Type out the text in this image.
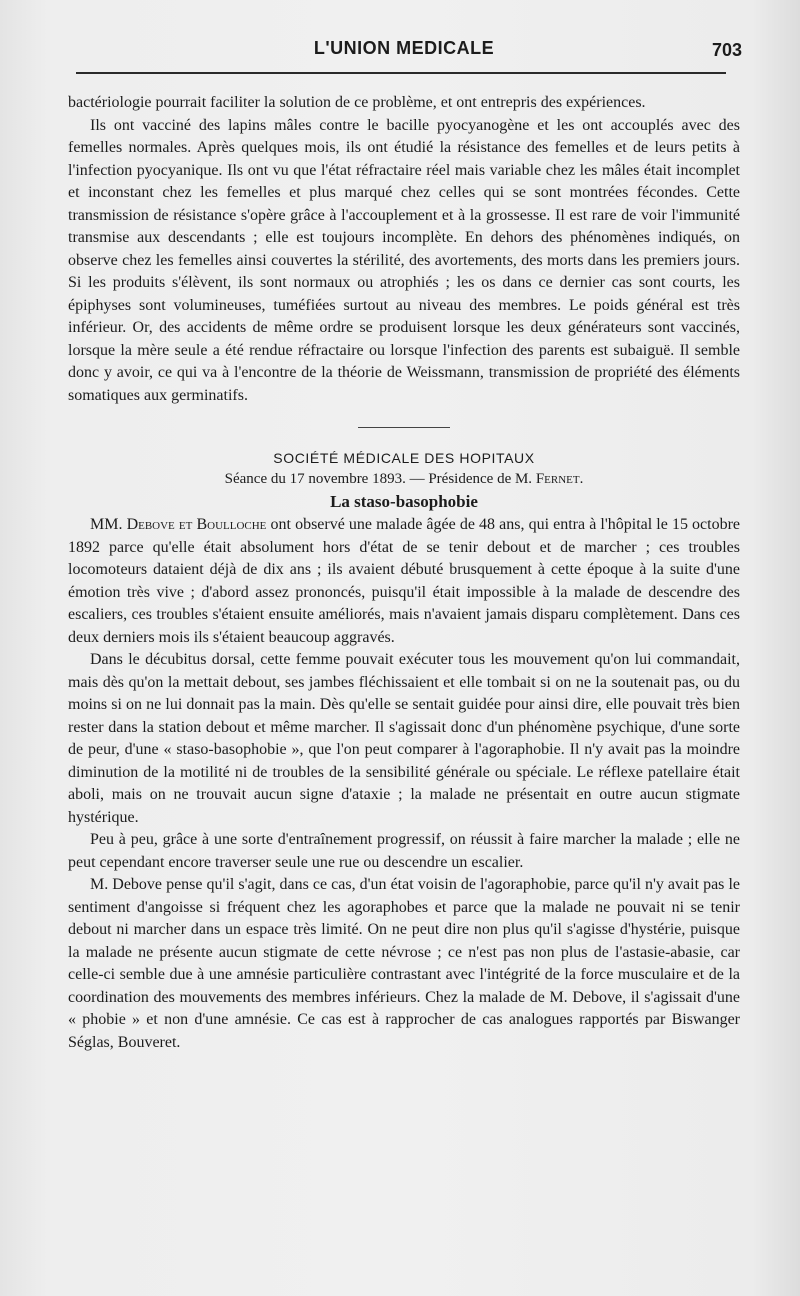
L'UNION MEDICALE	703

bactériologie pourrait faciliter la solution de ce problème, et ont entrepris des expériences.

Ils ont vacciné des lapins mâles contre le bacille pyocyanogène et les ont accouplés avec des femelles normales. Après quelques mois, ils ont étudié la résistance des femelles et de leurs petits à l'infection pyocyanique. Ils ont vu que l'état réfractaire réel mais variable chez les mâles était incomplet et inconstant chez les femelles et plus marqué chez celles qui se sont montrées fécondes. Cette transmission de résistance s'opère grâce à l'accouplement et à la grossesse. Il est rare de voir l'immunité transmise aux descendants ; elle est toujours incomplète. En dehors des phénomènes indiqués, on observe chez les femelles ainsi couvertes la stérilité, des avortements, des morts dans les premiers jours. Si les produits s'élèvent, ils sont normaux ou atrophiés ; les os dans ce dernier cas sont courts, les épiphyses sont volumineuses, tuméfiées surtout au niveau des membres. Le poids général est très inférieur. Or, des accidents de même ordre se produisent lorsque les deux générateurs sont vaccinés, lorsque la mère seule a été rendue réfractaire ou lorsque l'infection des parents est subaiguë. Il semble donc y avoir, ce qui va à l'encontre de la théorie de Weissmann, transmission de propriété des éléments somatiques aux germinatifs.

SOCIÉTÉ MÉDICALE DES HOPITAUX

Séance du 17 novembre 1893. — Présidence de M. Fernet.

La staso-basophobie

MM. Debove et Boulloche ont observé une malade âgée de 48 ans, qui entra à l'hôpital le 15 octobre 1892 parce qu'elle était absolument hors d'état de se tenir debout et de marcher ; ces troubles locomoteurs dataient déjà de dix ans ; ils avaient débuté brusquement à cette époque à la suite d'une émotion très vive ; d'abord assez prononcés, puisqu'il était impossible à la malade de descendre des escaliers, ces troubles s'étaient ensuite améliorés, mais n'avaient jamais disparu complètement. Dans ces deux derniers mois ils s'étaient beaucoup aggravés.

Dans le décubitus dorsal, cette femme pouvait exécuter tous les mouvement qu'on lui commandait, mais dès qu'on la mettait debout, ses jambes fléchissaient et elle tombait si on ne la soutenait pas, ou du moins si on ne lui donnait pas la main. Dès qu'elle se sentait guidée pour ainsi dire, elle pouvait très bien rester dans la station debout et même marcher. Il s'agissait donc d'un phénomène psychique, d'une sorte de peur, d'une « staso-basophobie », que l'on peut comparer à l'agoraphobie. Il n'y avait pas la moindre diminution de la motilité ni de troubles de la sensibilité générale ou spéciale. Le réflexe patellaire était aboli, mais on ne trouvait aucun signe d'ataxie ; la malade ne présentait en outre aucun stigmate hystérique.

Peu à peu, grâce à une sorte d'entraînement progressif, on réussit à faire marcher la malade ; elle ne peut cependant encore traverser seule une rue ou descendre un escalier.

M. Debove pense qu'il s'agit, dans ce cas, d'un état voisin de l'agoraphobie, parce qu'il n'y avait pas le sentiment d'angoisse si fréquent chez les agoraphobes et parce que la malade ne pouvait ni se tenir debout ni marcher dans un espace très limité. On ne peut dire non plus qu'il s'agisse d'hystérie, puisque la malade ne présente aucun stigmate de cette névrose ; ce n'est pas non plus de l'astasie-abasie, car celle-ci semble due à une amnésie particulière contrastant avec l'intégrité de la force musculaire et de la coordination des mouvements des membres inférieurs. Chez la malade de M. Debove, il s'agissait d'une « phobie » et non d'une amnésie. Ce cas est à rapprocher de cas analogues rapportés par Biswanger Séglas, Bouveret.
